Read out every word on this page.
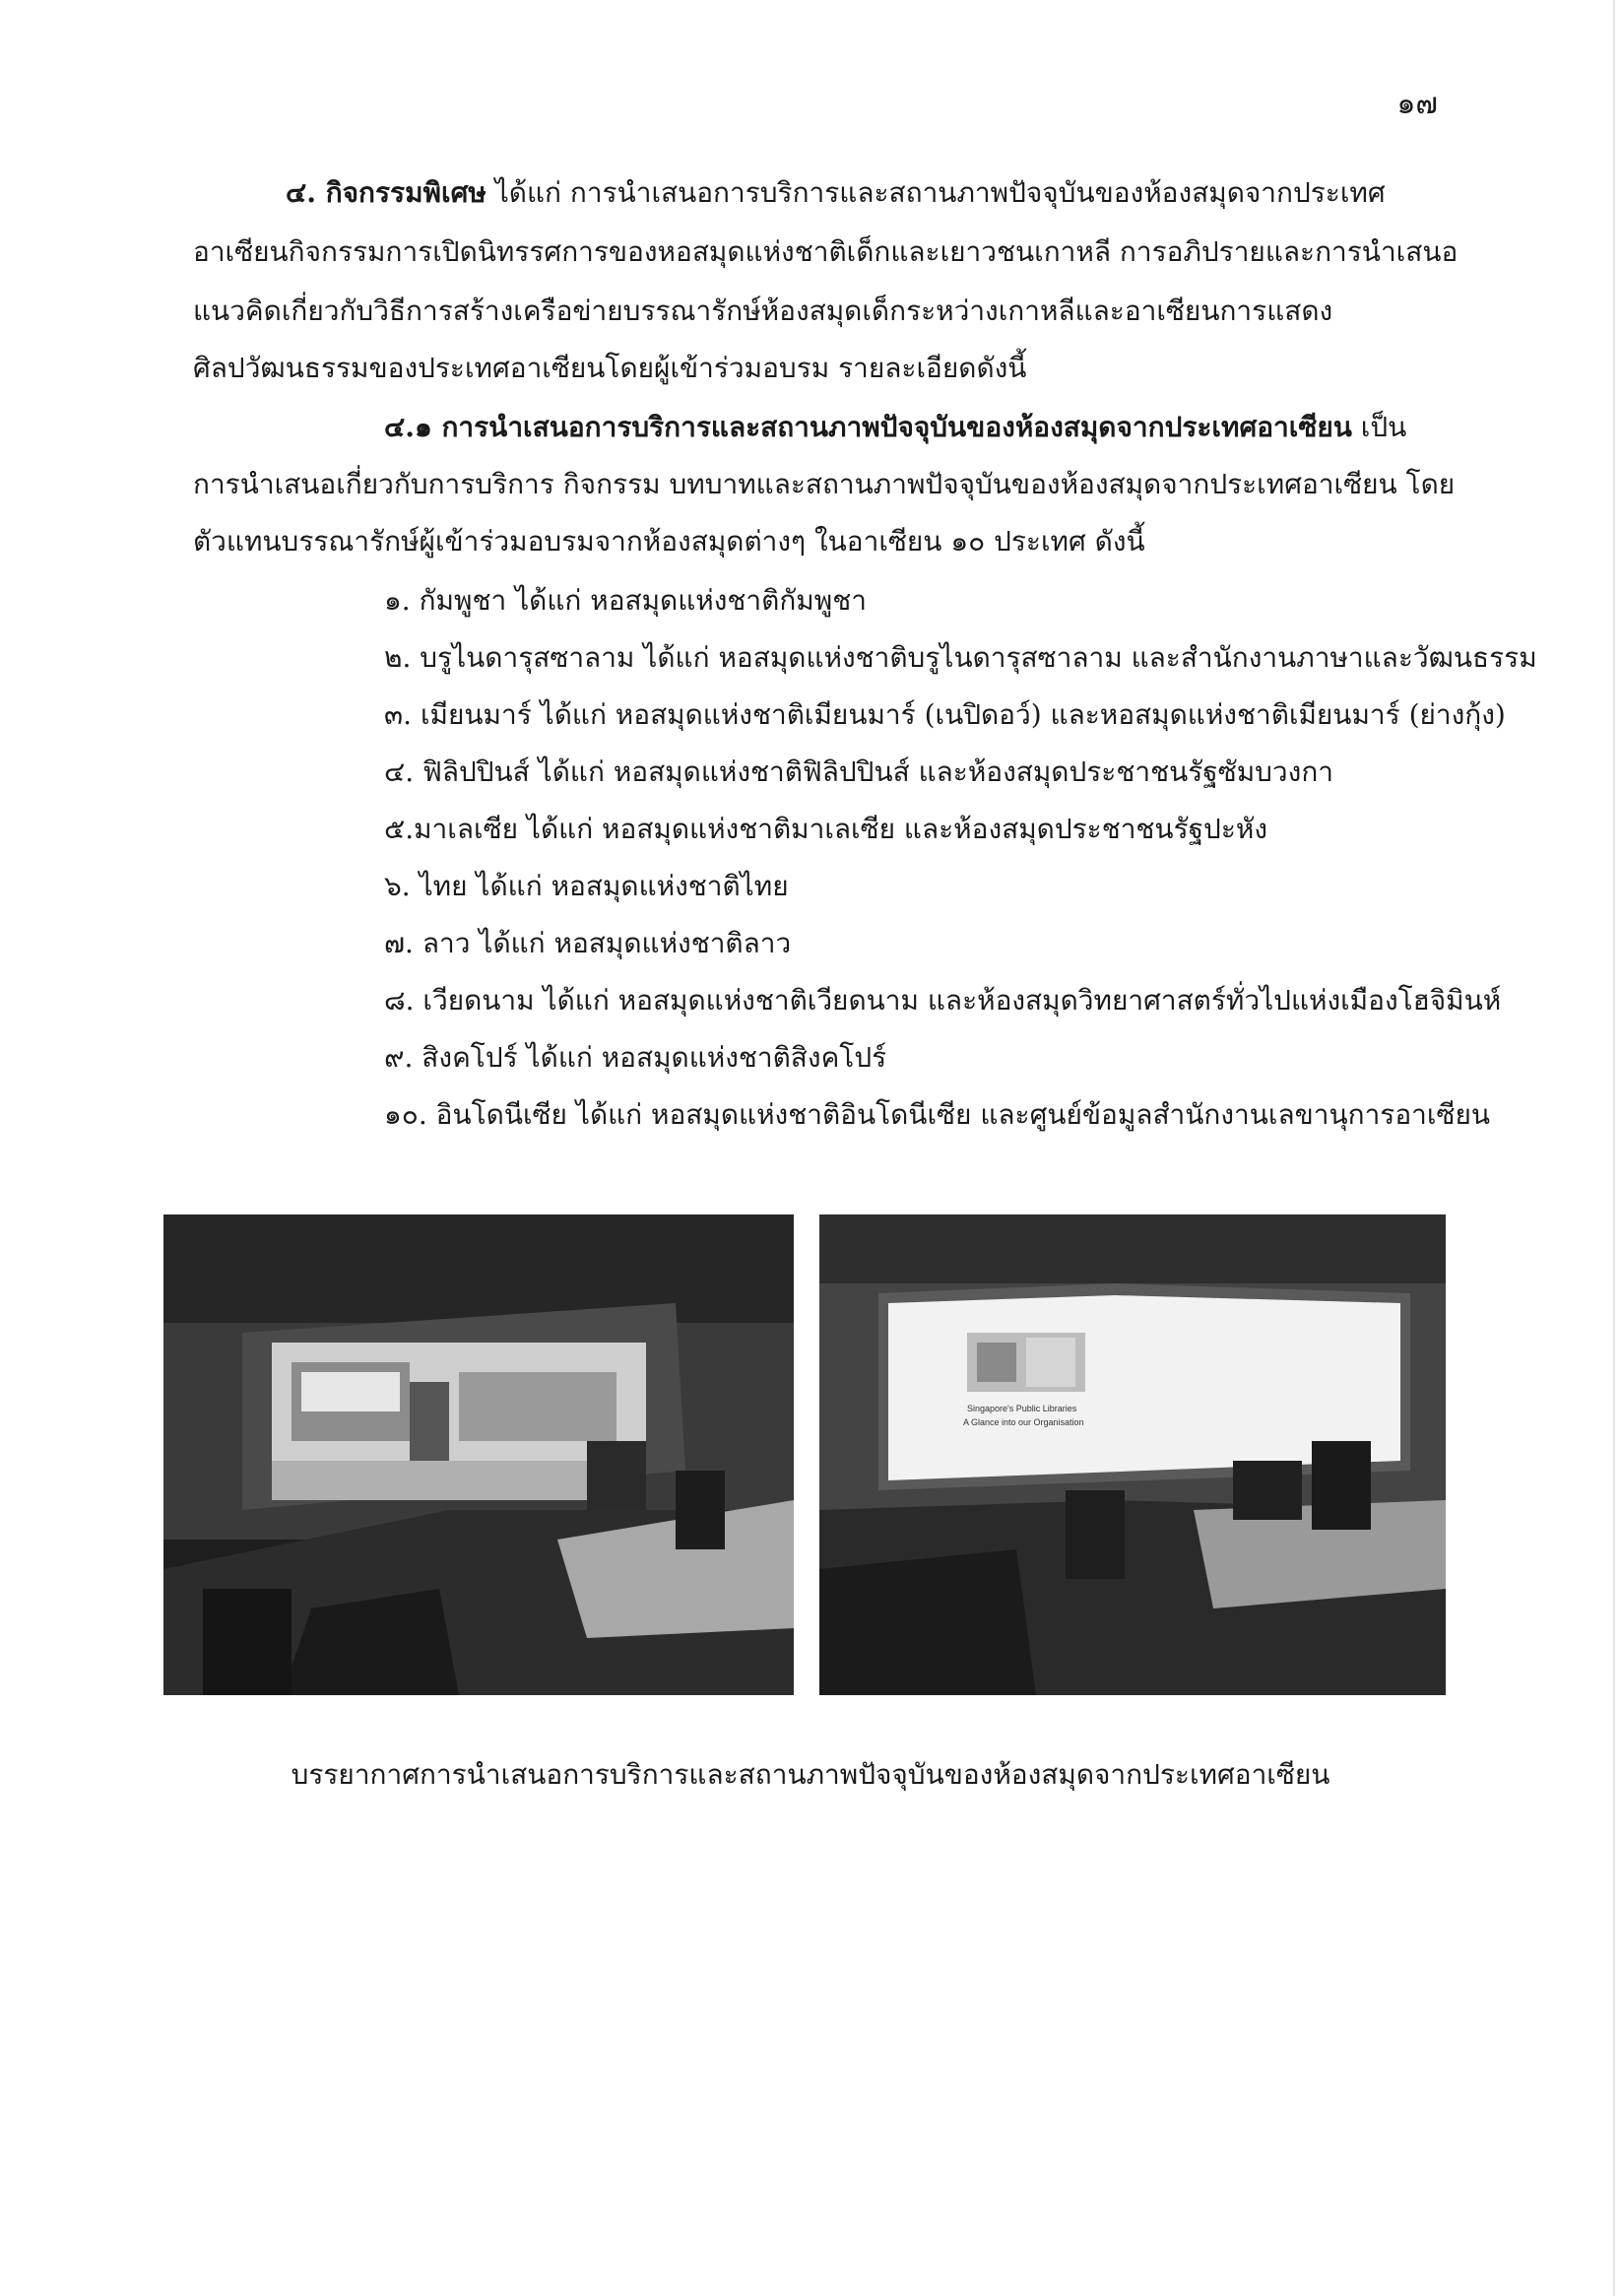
๑๗
๔. กิจกรรมพิเศษ ได้แก่ การนำเสนอการบริการและสถานภาพปัจจุบันของห้องสมุดจากประเทศ
อาเซียนกิจกรรมการเปิดนิทรรศการของหอสมุดแห่งชาติเด็กและเยาวชนเกาหลี การอภิปรายและการนำเสนอ
แนวคิดเกี่ยวกับวิธีการสร้างเครือข่ายบรรณารักษ์ห้องสมุดเด็กระหว่างเกาหลีและอาเซียนการแสดง
ศิลปวัฒนธรรมของประเทศอาเซียนโดยผู้เข้าร่วมอบรม รายละเอียดดังนี้
๔.๑ การนำเสนอการบริการและสถานภาพปัจจุบันของห้องสมุดจากประเทศอาเซียน เป็น
การนำเสนอเกี่ยวกับการบริการ กิจกรรม บทบาทและสถานภาพปัจจุบันของห้องสมุดจากประเทศอาเซียน โดย
ตัวแทนบรรณารักษ์ผู้เข้าร่วมอบรมจากห้องสมุดต่างๆ ในอาเซียน ๑๐ ประเทศ ดังนี้
๑. กัมพูชา ได้แก่ หอสมุดแห่งชาติกัมพูชา
๒. บรูไนดารุสซาลาม ได้แก่ หอสมุดแห่งชาติบรูไนดารุสซาลาม และสำนักงานภาษาและวัฒนธรรม
๓. เมียนมาร์ ได้แก่ หอสมุดแห่งชาติเมียนมาร์ (เนปิดอว์) และหอสมุดแห่งชาติเมียนมาร์ (ย่างกุ้ง)
๔. ฟิลิปปินส์ ได้แก่ หอสมุดแห่งชาติฟิลิปปินส์ และห้องสมุดประชาชนรัฐซัมบวงกา
๕.มาเลเซีย ได้แก่ หอสมุดแห่งชาติมาเลเซีย และห้องสมุดประชาชนรัฐปะหัง
๖. ไทย ได้แก่ หอสมุดแห่งชาติไทย
๗. ลาว ได้แก่ หอสมุดแห่งชาติลาว
๘. เวียดนาม ได้แก่ หอสมุดแห่งชาติเวียดนาม และห้องสมุดวิทยาศาสตร์ทั่วไปแห่งเมืองโฮจิมินห์
๙. สิงคโปร์ ได้แก่ หอสมุดแห่งชาติสิงคโปร์
๑๐. อินโดนีเซีย ได้แก่ หอสมุดแห่งชาติอินโดนีเซีย และศูนย์ข้อมูลสำนักงานเลขานุการอาเซียน
Singapore's Public Libraries
A Glance into our Organisation
บรรยากาศการนำเสนอการบริการและสถานภาพปัจจุบันของห้องสมุดจากประเทศอาเซียน
